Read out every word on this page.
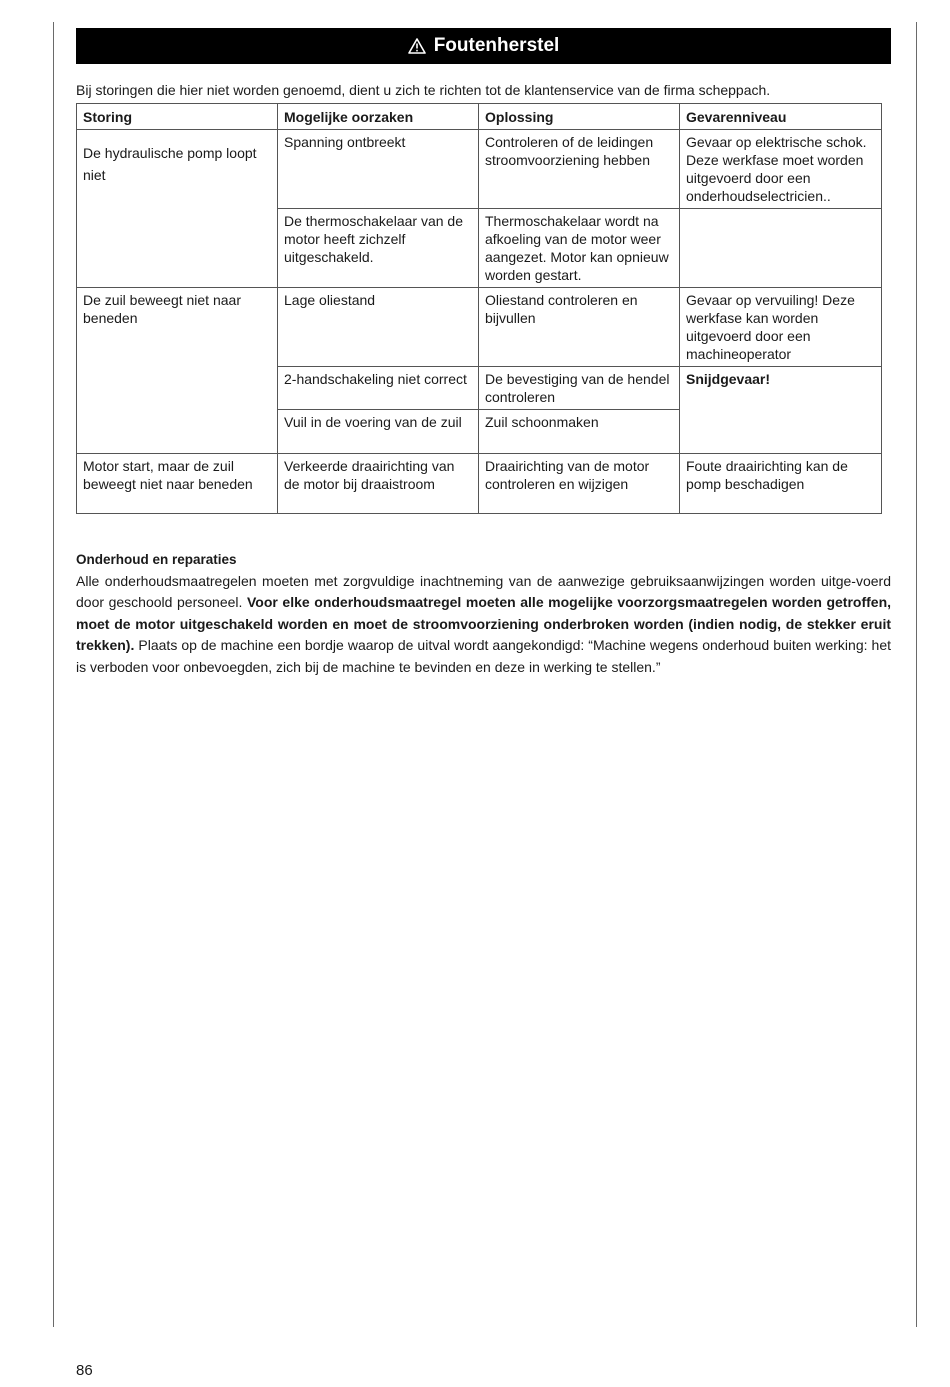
Foutenherstel
Bij storingen die hier niet worden genoemd, dient u zich te richten tot de klantenservice van de firma scheppach.
Storing	Mogelijke oorzaken	Oplossing	Gevarenniveau
De hydraulische pomp loopt niet	Spanning ontbreekt	Controleren of de leidingen stroomvoorziening hebben	Gevaar op elektrische schok. Deze werkfase moet worden uitgevoerd door een onderhoudselectricien..
	De thermoschakelaar van de motor heeft zichzelf uitgeschakeld.	Thermoschakelaar wordt na afkoeling van de motor weer aangezet. Motor kan opnieuw worden gestart.	
De zuil beweegt niet naar beneden	Lage oliestand	Oliestand controleren en bijvullen	Gevaar op vervuiling! Deze werkfase kan worden uitgevoerd door een machineoperator
	2-handschakeling niet correct	De bevestiging van de hendel controleren	Snijdgevaar!
	Vuil in de voering van de zuil	Zuil schoonmaken	
Motor start, maar de zuil beweegt niet naar beneden	Verkeerde draairichting van de motor bij draaistroom	Draairichting van de motor controleren en wijzigen	Foute draairichting kan de pomp beschadigen
Onderhoud en reparaties
Alle onderhoudsmaatregelen moeten met zorgvuldige inachtneming van de aanwezige gebruiksaanwijzingen worden uitge-voerd door geschoold personeel. Voor elke onderhoudsmaatregel moeten alle mogelijke voorzorgsmaatregelen worden getroffen, moet de motor uitgeschakeld worden en moet de stroomvoorziening onderbroken worden (indien nodig, de stekker eruit trekken). Plaats op de machine een bordje waarop de uitval wordt aangekondigd: “Machine wegens onderhoud buiten werking: het is verboden voor onbevoegden, zich bij de machine te bevinden en deze in werking te stellen.”
86
